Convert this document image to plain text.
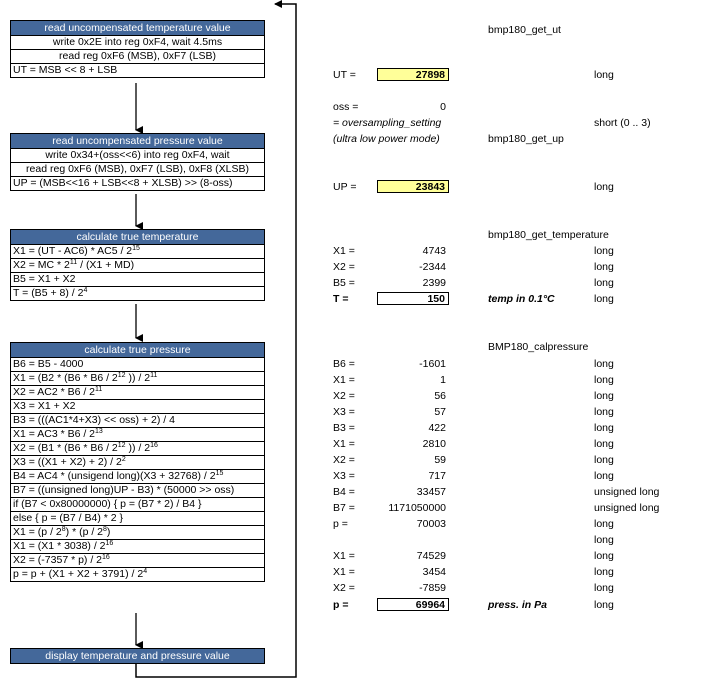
read uncompensated temperature value
write 0x2E into reg 0xF4, wait 4.5ms
read reg 0xF6 (MSB), 0xF7 (LSB)
UT = MSB << 8 + LSB
read uncompensated pressure value
write 0x34+(oss<<6) into reg 0xF4, wait
read reg 0xF6 (MSB), 0xF7 (LSB), 0xF8 (XLSB)
UP = (MSB<<16 + LSB<<8 + XLSB) >> (8-oss)
calculate true temperature
$X1 = (UT - AC6) * AC5 / 2^{15}$
X2 = MC * $2^{11} / (X1 + MD)$
B5 = X1 + X2
$T = (B5 + 8) / 2^4$
calculate true pressure
B6 = B5 - 4000
$X1 = (B2 * (B6 * B6 / 2^{12}$ )) / $2^{11}$
$X2 = AC2 * B6 / 2^{11}$
X3 = X1 + X2
B3 = (((AC1*4+X3) << oss) + 2) / 4
$X1 = AC3 * B6 / 2^{13}$
$X2 = (B1 * (B6 * B6 / 2^{12}$ )) / $2^{16}$
$X3 = ((X1 + X2) + 2) / 2^2$
B4 = AC4 * (unsigend long)(X3 + $32768) / 2^{15}$
B7 = ((unsigned long)UP - B3) * (50000 >> oss)
if (B7 < 0x80000000) { p = (B7 * 2) / B4 }
else { p = (B7 / B4) * 2 }
$X1 = (p / 2^8) * (p / 2^8)$
$X1 = (X1 * 3038) / 2^{16}$
$X2 = (-7357 * p) / 2^{16}$
$p = p + (X1 + X2 + 3791) / 2^4$
display temperature and pressure value
bmp180_get_ut
bmp180_get_up
bmp180_get_temperature
BMP180_calpressure
UT =	27898	long
oss =	0
= oversampling_setting	short (0 .. 3)
(ultra low power mode)
UP =	23843	long
X1 =	4743	long
X2 =	-2344	long
B5 =	2399	long
T =	150	temp in 0.1°C	long
B6 =	-1601	long
X1 =	1	long
X2 =	56	long
X3 =	57	long
B3 =	422	long
X1 =	2810	long
X2 =	59	long
X3 =	717	long
B4 =	33457	unsigned long
B7 =	1171050000	unsigned long
p =	70003	long
long
X1 =	74529	long
X1 =	3454	long
X2 =	-7859	long
p =	69964	press. in Pa	long
